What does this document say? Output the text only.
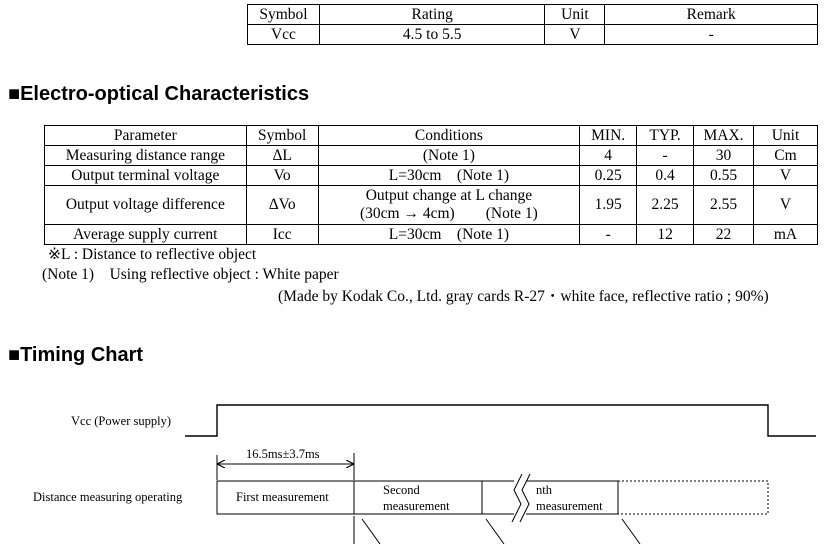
Symbol	Rating	Unit	Remark
Vcc	4.5 to 5.5	V	-
■Electro-optical Characteristics
Parameter	Symbol	Conditions	MIN.	TYP.	MAX.	Unit
Measuring distance range	ΔL	(Note 1)	4	-	30	Cm
Output terminal voltage	Vo	L=30cm　(Note 1)	0.25	0.4	0.55	V
Output voltage difference	ΔVo	Output change at L change
(30cm → 4cm)　　(Note 1)	1.95	2.25	2.55	V
Average supply current	Icc	L=30cm　(Note 1)	-	12	22	mA
※L : Distance to reflective object
(Note 1)　Using reflective object : White paper
(Made by Kodak Co., Ltd. gray cards R-27・white face, reflective ratio ; 90%)
■Timing Chart
Vcc (Power supply)
16.5ms±3.7ms
Distance measuring operating	First measurement	Second
measurement
nth
measurement
